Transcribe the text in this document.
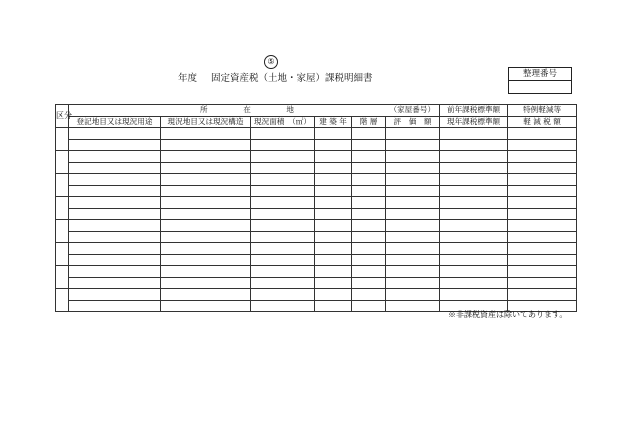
⑤
年度 固定資産税（土地・家屋）課税明細書	整理番号
区分	所　在　地 （家屋番号）						前年課税標準額	特例軽減等
	登記地目又は現況用途	現況地目又は現況構造	現況面積　（㎡）	建 築 年	階 層	評　価　額	現年課税標準額	軽 減 税 額

※非課税資産は除いてあります。
